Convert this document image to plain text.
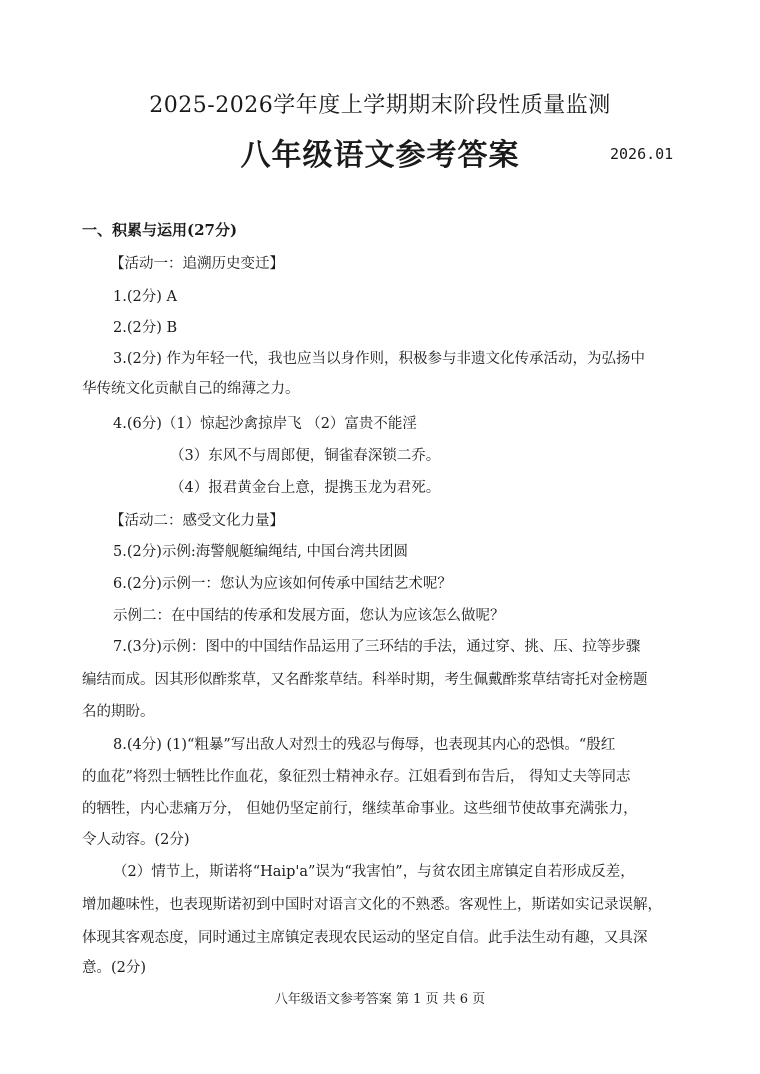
2025-2026学年度上学期期末阶段性质量监测
八年级语文参考答案	2026.01
一、积累与运用(27分)
【活动一：追溯历史变迁】
1.(2分) A
2.(2分) B
3.(2分) 作为年轻一代，我也应当以身作则，积极参与非遗文化传承活动，为弘扬中
华传统文化贡献自己的绵薄之力。
4.(6分)（1）惊起沙禽掠岸飞 （2）富贵不能淫
（3）东风不与周郎便，铜雀春深锁二乔。
（4）报君黄金台上意，提携玉龙为君死。
【活动二：感受文化力量】
5.(2分)示例:海警舰艇编绳结, 中国台湾共团圆
6.(2分)示例一：您认为应该如何传承中国结艺术呢？
示例二：在中国结的传承和发展方面，您认为应该怎么做呢？
7.(3分)示例：图中的中国结作品运用了三环结的手法，通过穿、挑、压、拉等步骤
编结而成。因其形似酢浆草，又名酢浆草结。科举时期，考生佩戴酢浆草结寄托对金榜题
名的期盼。
8.(4分) (1)“粗暴”写出敌人对烈士的残忍与侮辱，也表现其内心的恐惧。“殷红
的血花”将烈士牺牲比作血花，象征烈士精神永存。江姐看到布告后， 得知丈夫等同志
的牺牲，内心悲痛万分， 但她仍坚定前行，继续革命事业。这些细节使故事充满张力，
令人动容。(2分)
（2）情节上，斯诺将“Haip'a”误为“我害怕”，与贫农团主席镇定自若形成反差，
增加趣味性，也表现斯诺初到中国时对语言文化的不熟悉。客观性上，斯诺如实记录误解，
体现其客观态度，同时通过主席镇定表现农民运动的坚定自信。此手法生动有趣，又具深
意。(2分)
八年级语文参考答案 第 1 页 共 6 页
